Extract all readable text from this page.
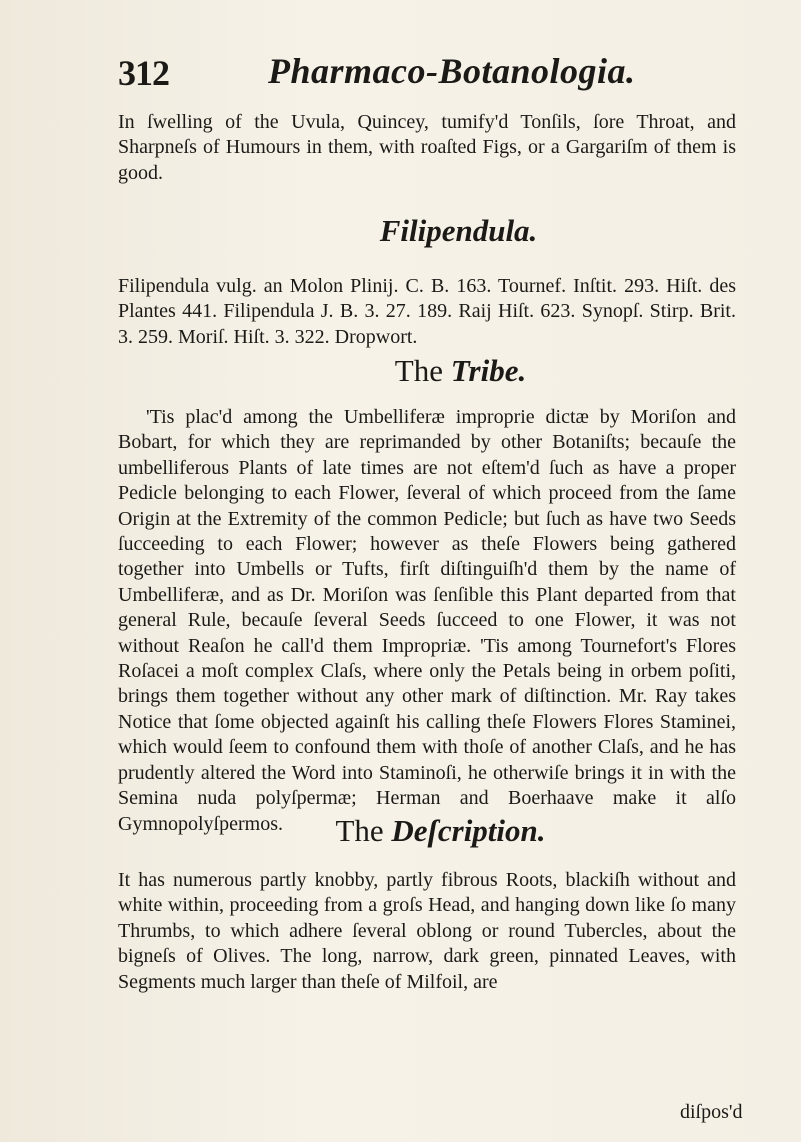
312	Pharmaco-Botanologia.

In ſwelling of the Uvula, Quincey, tumify'd Tonſils, ſore Throat, and Sharpneſs of Humours in them, with roaſted Figs, or a Gargariſm of them is good.

Filipendula.

Filipendula vulg. an Molon Plinij. C. B. 163. Tournef. Inſtit. 293. Hiſt. des Plantes 441. Filipendula J. B. 3. 27. 189. Raij Hiſt. 623. Synopſ. Stirp. Brit. 3. 259. Moriſ. Hiſt. 3. 322. Dropwort.

The Tribe.

'Tis plac'd among the Umbelliferæ improprie dictæ by Moriſon and Bobart, for which they are reprimanded by other Botaniſts; becauſe the umbelliferous Plants of late times are not eſtem'd ſuch as have a proper Pedicle belonging to each Flower, ſeveral of which proceed from the ſame Origin at the Extremity of the common Pedicle; but ſuch as have two Seeds ſucceeding to each Flower; however as theſe Flowers being gathered together into Umbells or Tufts, firſt diſtinguiſh'd them by the name of Umbelliferæ, and as Dr. Moriſon was ſenſible this Plant departed from that general Rule, becauſe ſeveral Seeds ſucceed to one Flower, it was not without Reaſon he call'd them Impropriæ. 'Tis among Tournefort's Flores Roſacei a moſt complex Claſs, where only the Petals being in orbem poſiti, brings them together without any other mark of diſtinction. Mr. Ray takes Notice that ſome objected againſt his calling theſe Flowers Flores Staminei, which would ſeem to confound them with thoſe of another Claſs, and he has prudently altered the Word into Staminoſi, he otherwiſe brings it in with the Semina nuda polyſpermæ; Herman and Boerhaave make it alſo Gymnopolyſpermos.	The Deſcription.

It has numerous partly knobby, partly fibrous Roots, blackiſh without and white within, proceeding from a groſs Head, and hanging down like ſo many Thrumbs, to which adhere ſeveral oblong or round Tubercles, about the bigneſs of Olives. The long, narrow, dark green, pinnated Leaves, with Segments much larger than theſe of Milfoil, are

diſpos'd
